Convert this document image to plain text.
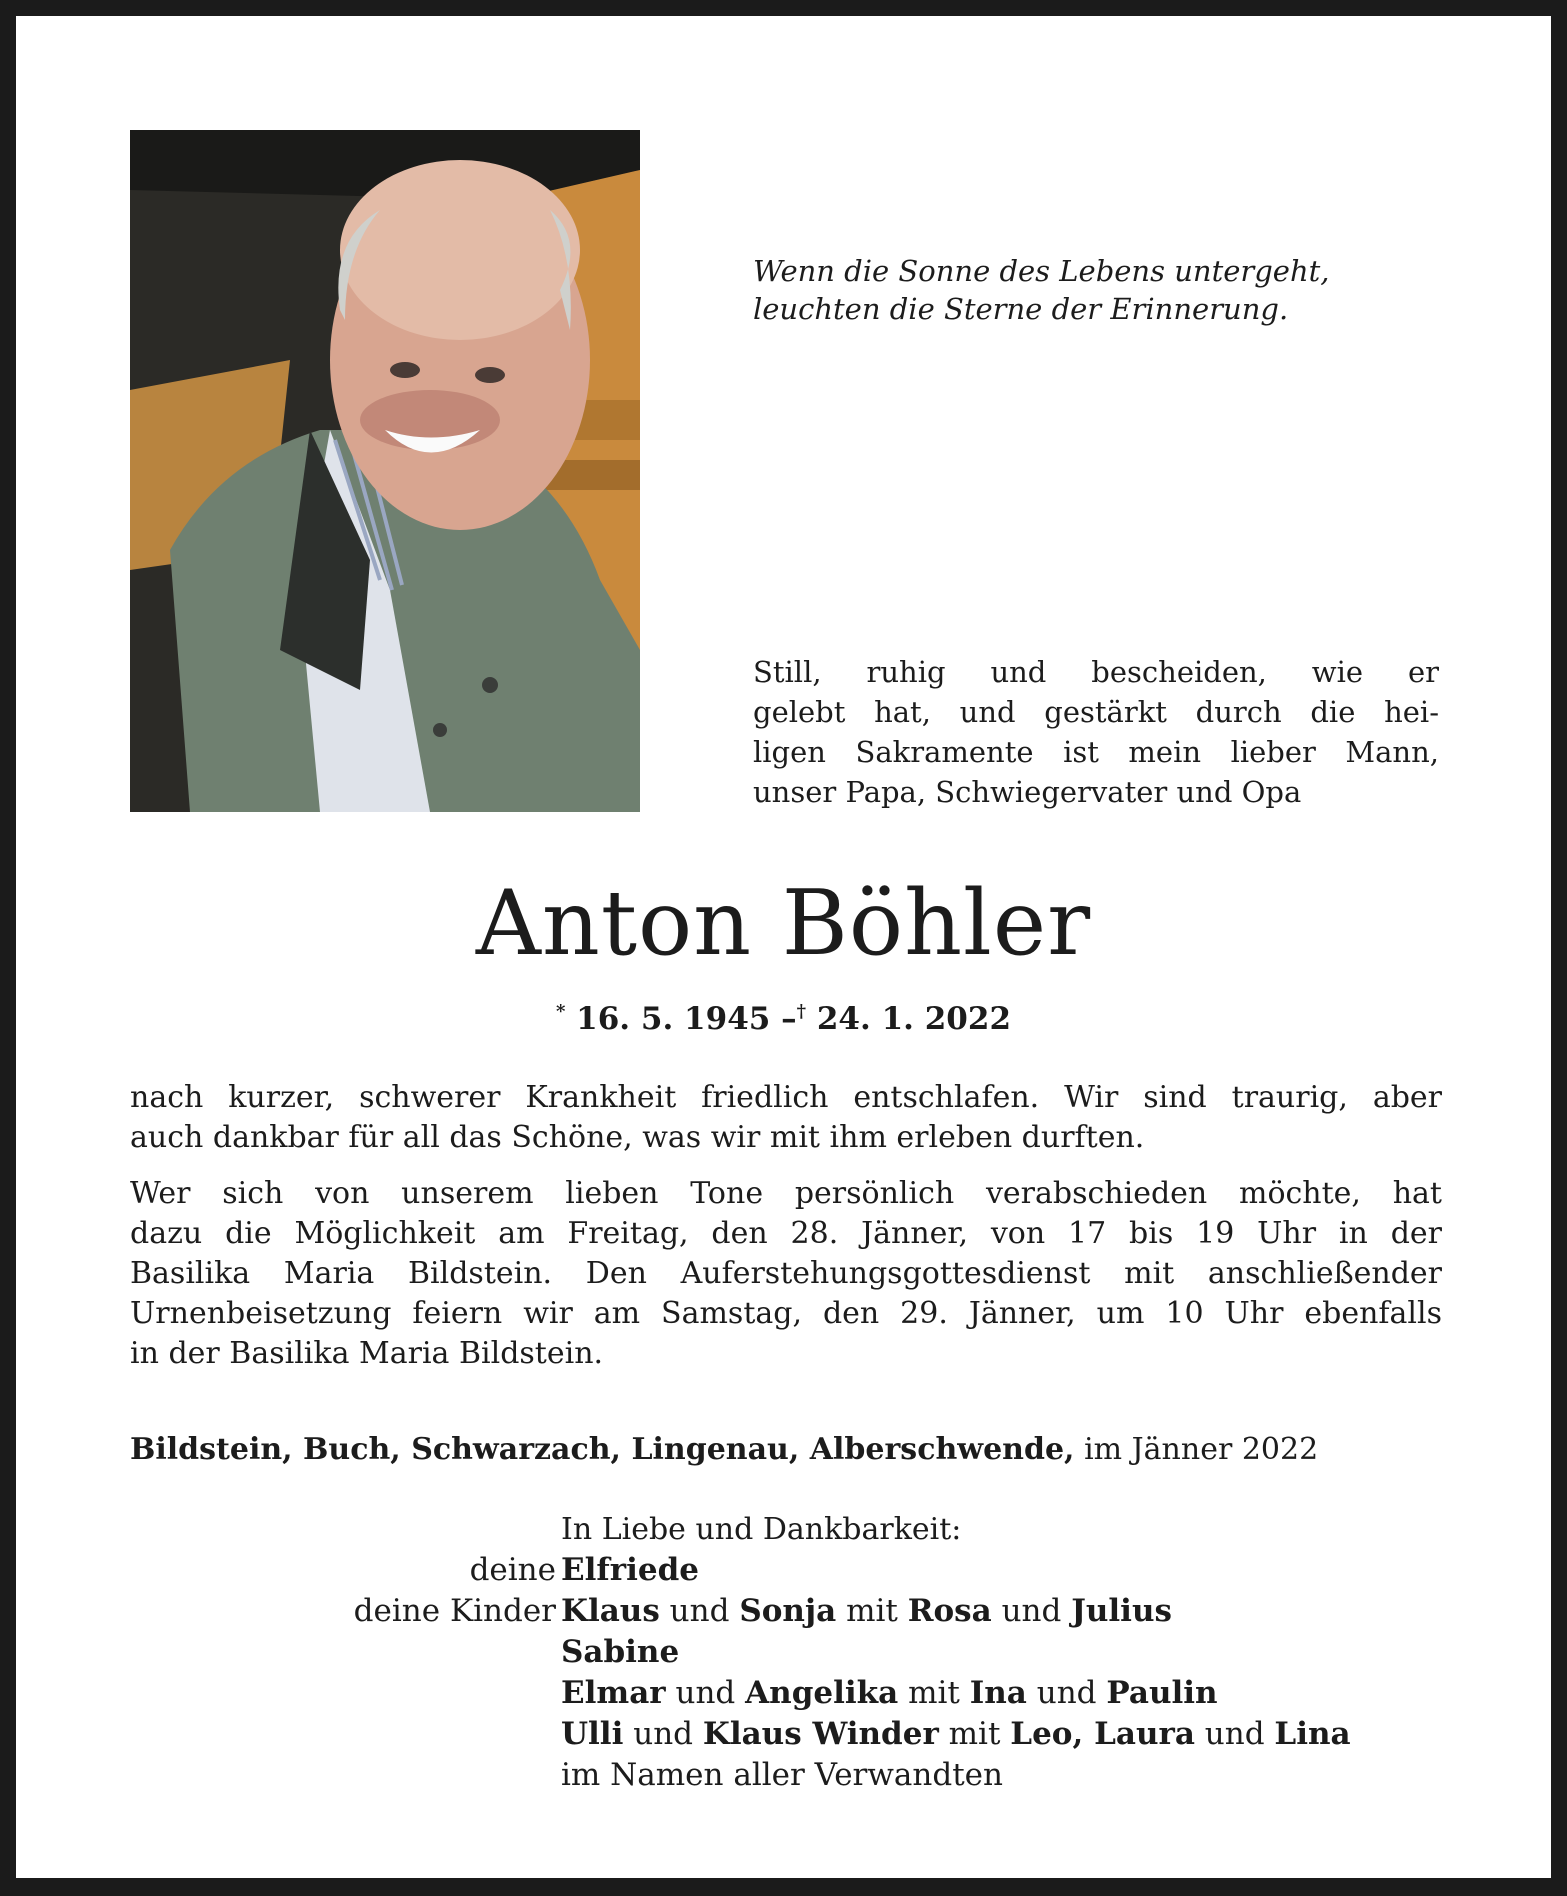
Wenn die Sonne des Lebens untergeht,
leuchten die Sterne der Erinnerung.
Still, ruhig und bescheiden, wie er
gelebt hat, und gestärkt durch die hei-
ligen Sakramente ist mein lieber Mann,
unser Papa, Schwiegervater und Opa
Anton Böhler
* 16. 5. 1945 –† 24. 1. 2022
nach kurzer, schwerer Krankheit friedlich entschlafen. Wir sind traurig, aber
auch dankbar für all das Schöne, was wir mit ihm erleben durften.
Wer sich von unserem lieben Tone persönlich verabschieden möchte, hat
dazu die Möglichkeit am Freitag, den 28. Jänner, von 17 bis 19 Uhr in der
Basilika Maria Bildstein. Den Auferstehungsgottesdienst mit anschließender
Urnenbeisetzung feiern wir am Samstag, den 29. Jänner, um 10 Uhr ebenfalls
in der Basilika Maria Bildstein.
Bildstein, Buch, Schwarzach, Lingenau, Alberschwende, im Jänner 2022
In Liebe und Dankbarkeit:
deine Elfriede
deine Kinder Klaus und Sonja mit Rosa und Julius
Sabine
Elmar und Angelika mit Ina und Paulin
Ulli und Klaus Winder mit Leo, Laura und Lina
im Namen aller Verwandten
